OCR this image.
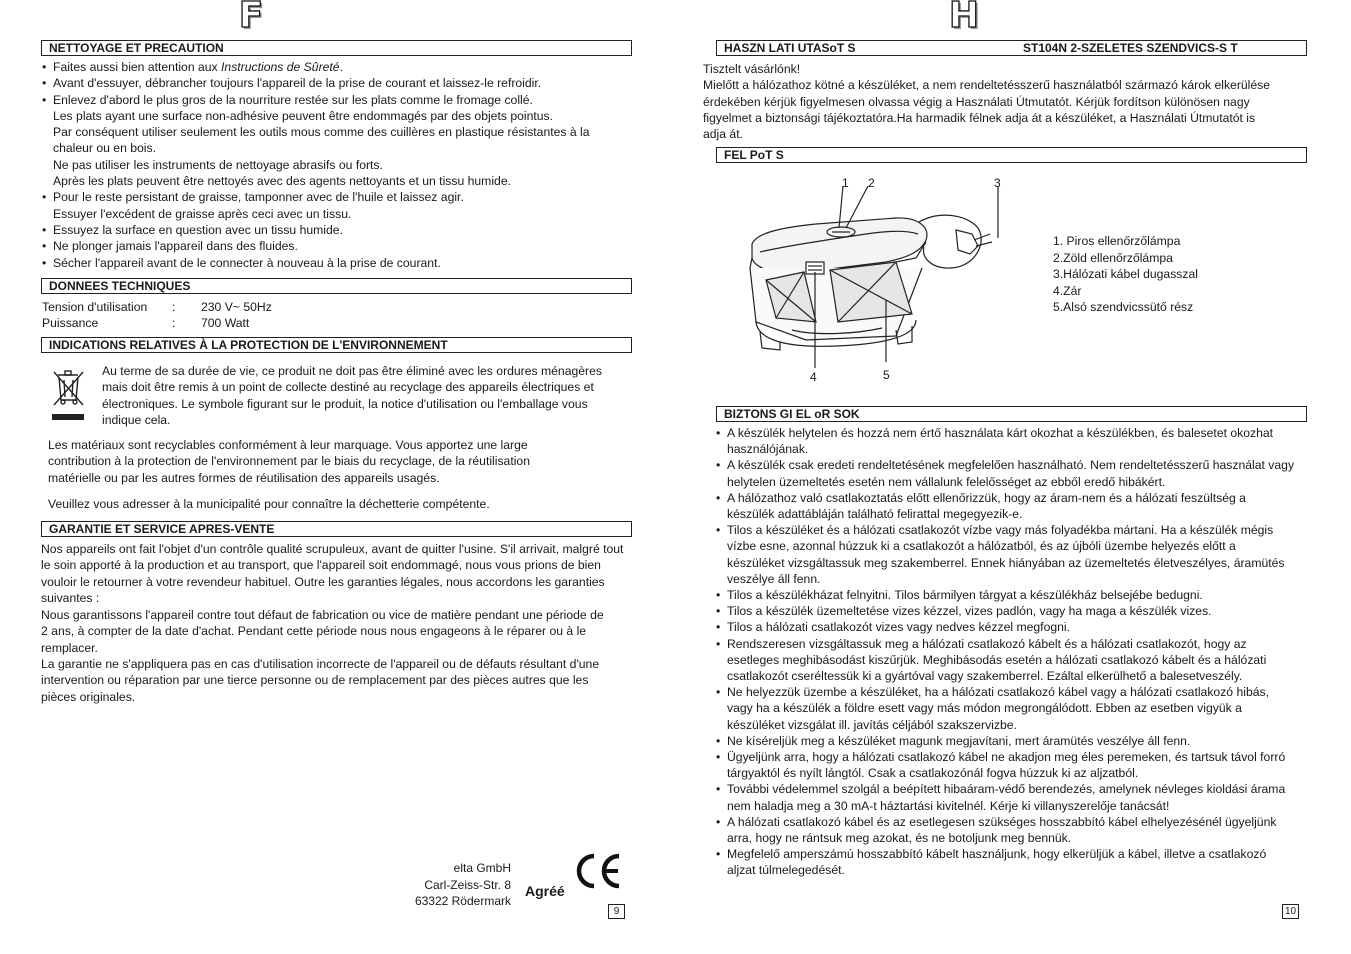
F
NETTOYAGE ET PRECAUTION
• Faites aussi bien attention aux Instructions de Sûreté.
• Avant d'essuyer, débrancher toujours l'appareil de la prise de courant et laissez-le refroidir.
• Enlevez d'abord le plus gros de la nourriture restée sur les plats comme le fromage collé.
Les plats ayant une surface non-adhésive peuvent être endommagés par des objets pointus.
Par conséquent utiliser seulement les outils mous comme des cuillères en plastique résistantes à la chaleur ou en bois.
Ne pas utiliser les instruments de nettoyage abrasifs ou forts.
Après les plats peuvent être nettoyés avec des agents nettoyants et un tissu humide.
• Pour le reste persistant de graisse, tamponner avec de l'huile et laissez agir.
Essuyer l'excédent de graisse après ceci avec un tissu.
• Essuyez la surface en question avec un tissu humide.
• Ne plonger jamais l'appareil dans des fluides.
• Sécher l'appareil avant de le connecter à nouveau à la prise de courant.
DONNEES TECHNIQUES
Tension d'utilisation : 230 V~ 50Hz
Puissance	: 700 Watt
INDICATIONS RELATIVES À LA PROTECTION DE L'ENVIRONNEMENT
Au terme de sa durée de vie, ce produit ne doit pas être éliminé avec les ordures ménagères mais doit être remis à un point de collecte destiné au recyclage des appareils électriques et électroniques. Le symbole figurant sur le produit, la notice d'utilisation ou l'emballage vous indique cela.
Les matériaux sont recyclables conformément à leur marquage. Vous apportez une large contribution à la protection de l'environnement par le biais du recyclage, de la réutilisation matérielle ou par les autres formes de réutilisation des appareils usagés.
Veuillez vous adresser à la municipalité pour connaître la déchetterie compétente.
GARANTIE ET SERVICE APRES-VENTE
Nos appareils ont fait l'objet d'un contrôle qualité scrupuleux, avant de quitter l'usine. S'il arrivait, malgré tout le soin apporté à la production et au transport, que l'appareil soit endommagé, nous vous prions de bien vouloir le retourner à votre revendeur habituel. Outre les garanties légales, nous accordons les garanties suivantes :
Nous garantissons l'appareil contre tout défaut de fabrication ou vice de matière pendant une période de 2 ans, à compter de la date d'achat. Pendant cette période nous nous engageons à le réparer ou à le remplacer.
La garantie ne s'appliquera pas en cas d'utilisation incorrecte de l'appareil ou de défauts résultant d'une intervention ou réparation par une tierce personne ou de remplacement par des pièces autres que les pièces originales.
elta GmbH
Carl-Zeiss-Str. 8
63322 Rödermark
Agréé
9
H
HASZN LATI UTASoT S	ST104N 2-SZELETES SZENDVICS-S T
Tisztelt vásárlónk!
Mielőtt a hálózathoz kötné a készüléket, a nem rendeltetésszerű használatból származó károk elkerülése érdekében kérjük figyelmesen olvassa végig a Használati Útmutatót. Kérjük fordítson különösen nagy figyelmet a biztonsági tájékoztatóra.Ha harmadik félnek adja át a készüléket, a Használati Útmutatót is adja át.
FEL PoT S
1 2	3
4	5
1. Piros ellenőrzőlámpa
2.Zöld ellenőrzőlámpa
3.Hálózati kábel dugasszal
4.Zár
5.Alsó szendvicssütő rész
BIZTONS GI EL oR SOK
• A készülék helytelen és hozzá nem értő használata kárt okozhat a készülékben, és balesetet okozhat használójának.
• A készülék csak eredeti rendeltetésének megfelelően használható. Nem rendeltetésszerű használat vagy helytelen üzemeltetés esetén nem vállalunk felelősséget az ebből eredő hibákért.
• A hálózathoz való csatlakoztatás előtt ellenőrizzük, hogy az áram-nem és a hálózati feszültség a készülék adattábláján található felirattal megegyezik-e.
• Tilos a készüléket és a hálózati csatlakozót vízbe vagy más folyadékba mártani. Ha a készülék mégis vízbe esne, azonnal húzzuk ki a csatlakozót a hálózatból, és az újbóli üzembe helyezés előtt a készüléket vizsgáltassuk meg szakemberrel. Ennek hiányában az üzemeltetés életveszélyes, áramütés veszélye áll fenn.
• Tilos a készülékházat felnyitni. Tilos bármilyen tárgyat a készülékház belsejébe bedugni.
• Tilos a készülék üzemeltetése vizes kézzel, vizes padlón, vagy ha maga a készülék vizes.
• Tilos a hálózati csatlakozót vizes vagy nedves kézzel megfogni.
• Rendszeresen vizsgáltassuk meg a hálózati csatlakozó kábelt és a hálózati csatlakozót, hogy az esetleges meghibásodást kiszűrjük. Meghibásodás esetén a hálózati csatlakozó kábelt és a hálózati csatlakozót cseréltessük ki a gyártóval vagy szakemberrel. Ezáltal elkerülhető a balesetveszély.
• Ne helyezzük üzembe a készüléket, ha a hálózati csatlakozó kábel vagy a hálózati csatlakozó hibás, vagy ha a készülék a földre esett vagy más módon megrongálódott. Ebben az esetben vigyük a készüléket vizsgálat ill. javítás céljából szakszervizbe.
• Ne kíséreljük meg a készüléket magunk megjavítani, mert áramütés veszélye áll fenn.
• Ügyeljünk arra, hogy a hálózati csatlakozó kábel ne akadjon meg éles peremeken, és tartsuk távol forró tárgyaktól és nyílt lángtól. Csak a csatlakozónál fogva húzzuk ki az aljzatból.
• További védelemmel szolgál a beépített hibaáram-védő berendezés, amelynek névleges kioldási árama nem haladja meg a 30 mA-t háztartási kivitelnél. Kérje ki villanyszerelője tanácsát!
• A hálózati csatlakozó kábel és az esetlegesen szükséges hosszabbító kábel elhelyezésénél ügyeljünk arra, hogy ne rántsuk meg azokat, és ne botoljunk meg bennük.
• Megfelelő amperszámú hosszabbító kábelt használjunk, hogy elkerüljük a kábel, illetve a csatlakozó aljzat túlmelegedését.
10
